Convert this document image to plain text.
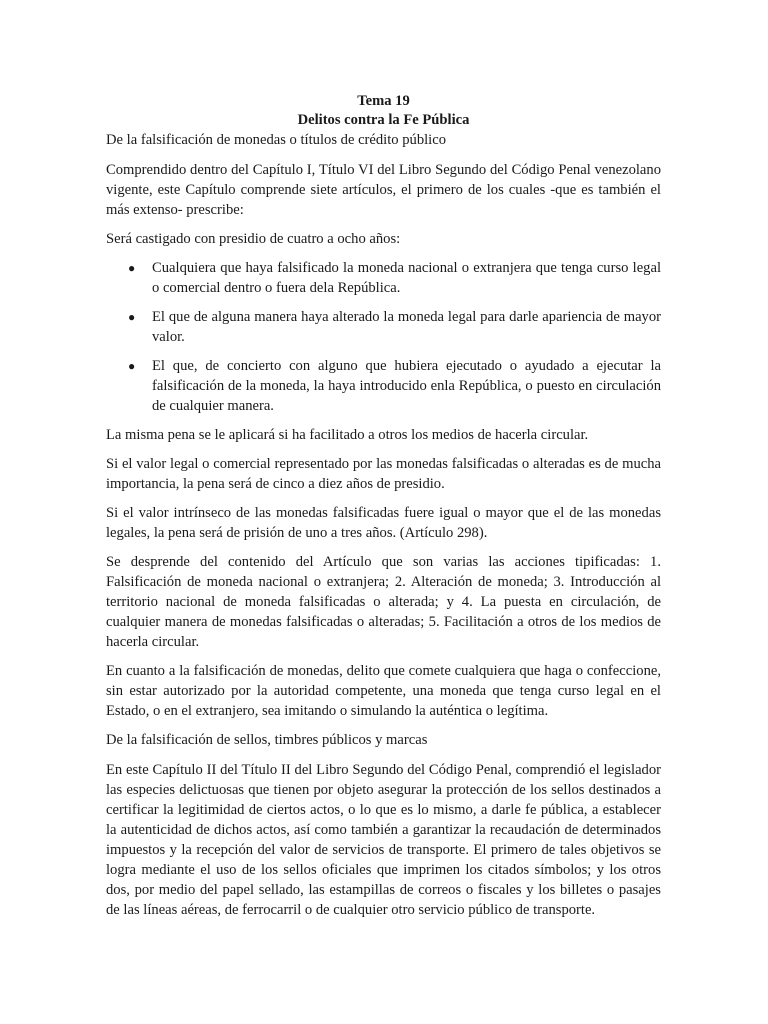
Tema 19

Delitos contra la Fe Pública

De la falsificación de monedas o títulos de crédito público

Comprendido dentro del Capítulo I, Título VI del Libro Segundo del Código Penal venezolano vigente, este Capítulo comprende siete artículos, el primero de los cuales -que es también el más extenso- prescribe:

Será castigado con presidio de cuatro a ocho años:

● Cualquiera que haya falsificado la moneda nacional o extranjera que tenga curso legal o comercial dentro o fuera dela República.
● El que de alguna manera haya alterado la moneda legal para darle apariencia de mayor valor.
● El que, de concierto con alguno que hubiera ejecutado o ayudado a ejecutar la falsificación de la moneda, la haya introducido enla República, o puesto en circulación de cualquier manera.

La misma pena se le aplicará si ha facilitado a otros los medios de hacerla circular.

Si el valor legal o comercial representado por las monedas falsificadas o alteradas es de mucha importancia, la pena será de cinco a diez años de presidio.

Si el valor intrínseco de las monedas falsificadas fuere igual o mayor que el de las monedas legales, la pena será de prisión de uno a tres años. (Artículo 298).

Se desprende del contenido del Artículo que son varias las acciones tipificadas: 1. Falsificación de moneda nacional o extranjera; 2. Alteración de moneda; 3. Introducción al territorio nacional de moneda falsificadas o alterada; y 4. La puesta en circulación, de cualquier manera de monedas falsificadas o alteradas; 5. Facilitación a otros de los medios de hacerla circular.

En cuanto a la falsificación de monedas, delito que comete cualquiera que haga o confeccione, sin estar autorizado por la autoridad competente, una moneda que tenga curso legal en el Estado, o en el extranjero, sea imitando o simulando la auténtica o legítima.

De la falsificación de sellos, timbres públicos y marcas

En este Capítulo II del Título II del Libro Segundo del Código Penal, comprendió el legislador las especies delictuosas que tienen por objeto asegurar la protección de los sellos destinados a certificar la legitimidad de ciertos actos, o lo que es lo mismo, a darle fe pública, a establecer la autenticidad de dichos actos, así como también a garantizar la recaudación de determinados impuestos y la recepción del valor de servicios de transporte. El primero de tales objetivos se logra mediante el uso de los sellos oficiales que imprimen los citados símbolos; y los otros dos, por medio del papel sellado, las estampillas de correos o fiscales y los billetes o pasajes de las líneas aéreas, de ferrocarril o de cualquier otro servicio público de transporte.
